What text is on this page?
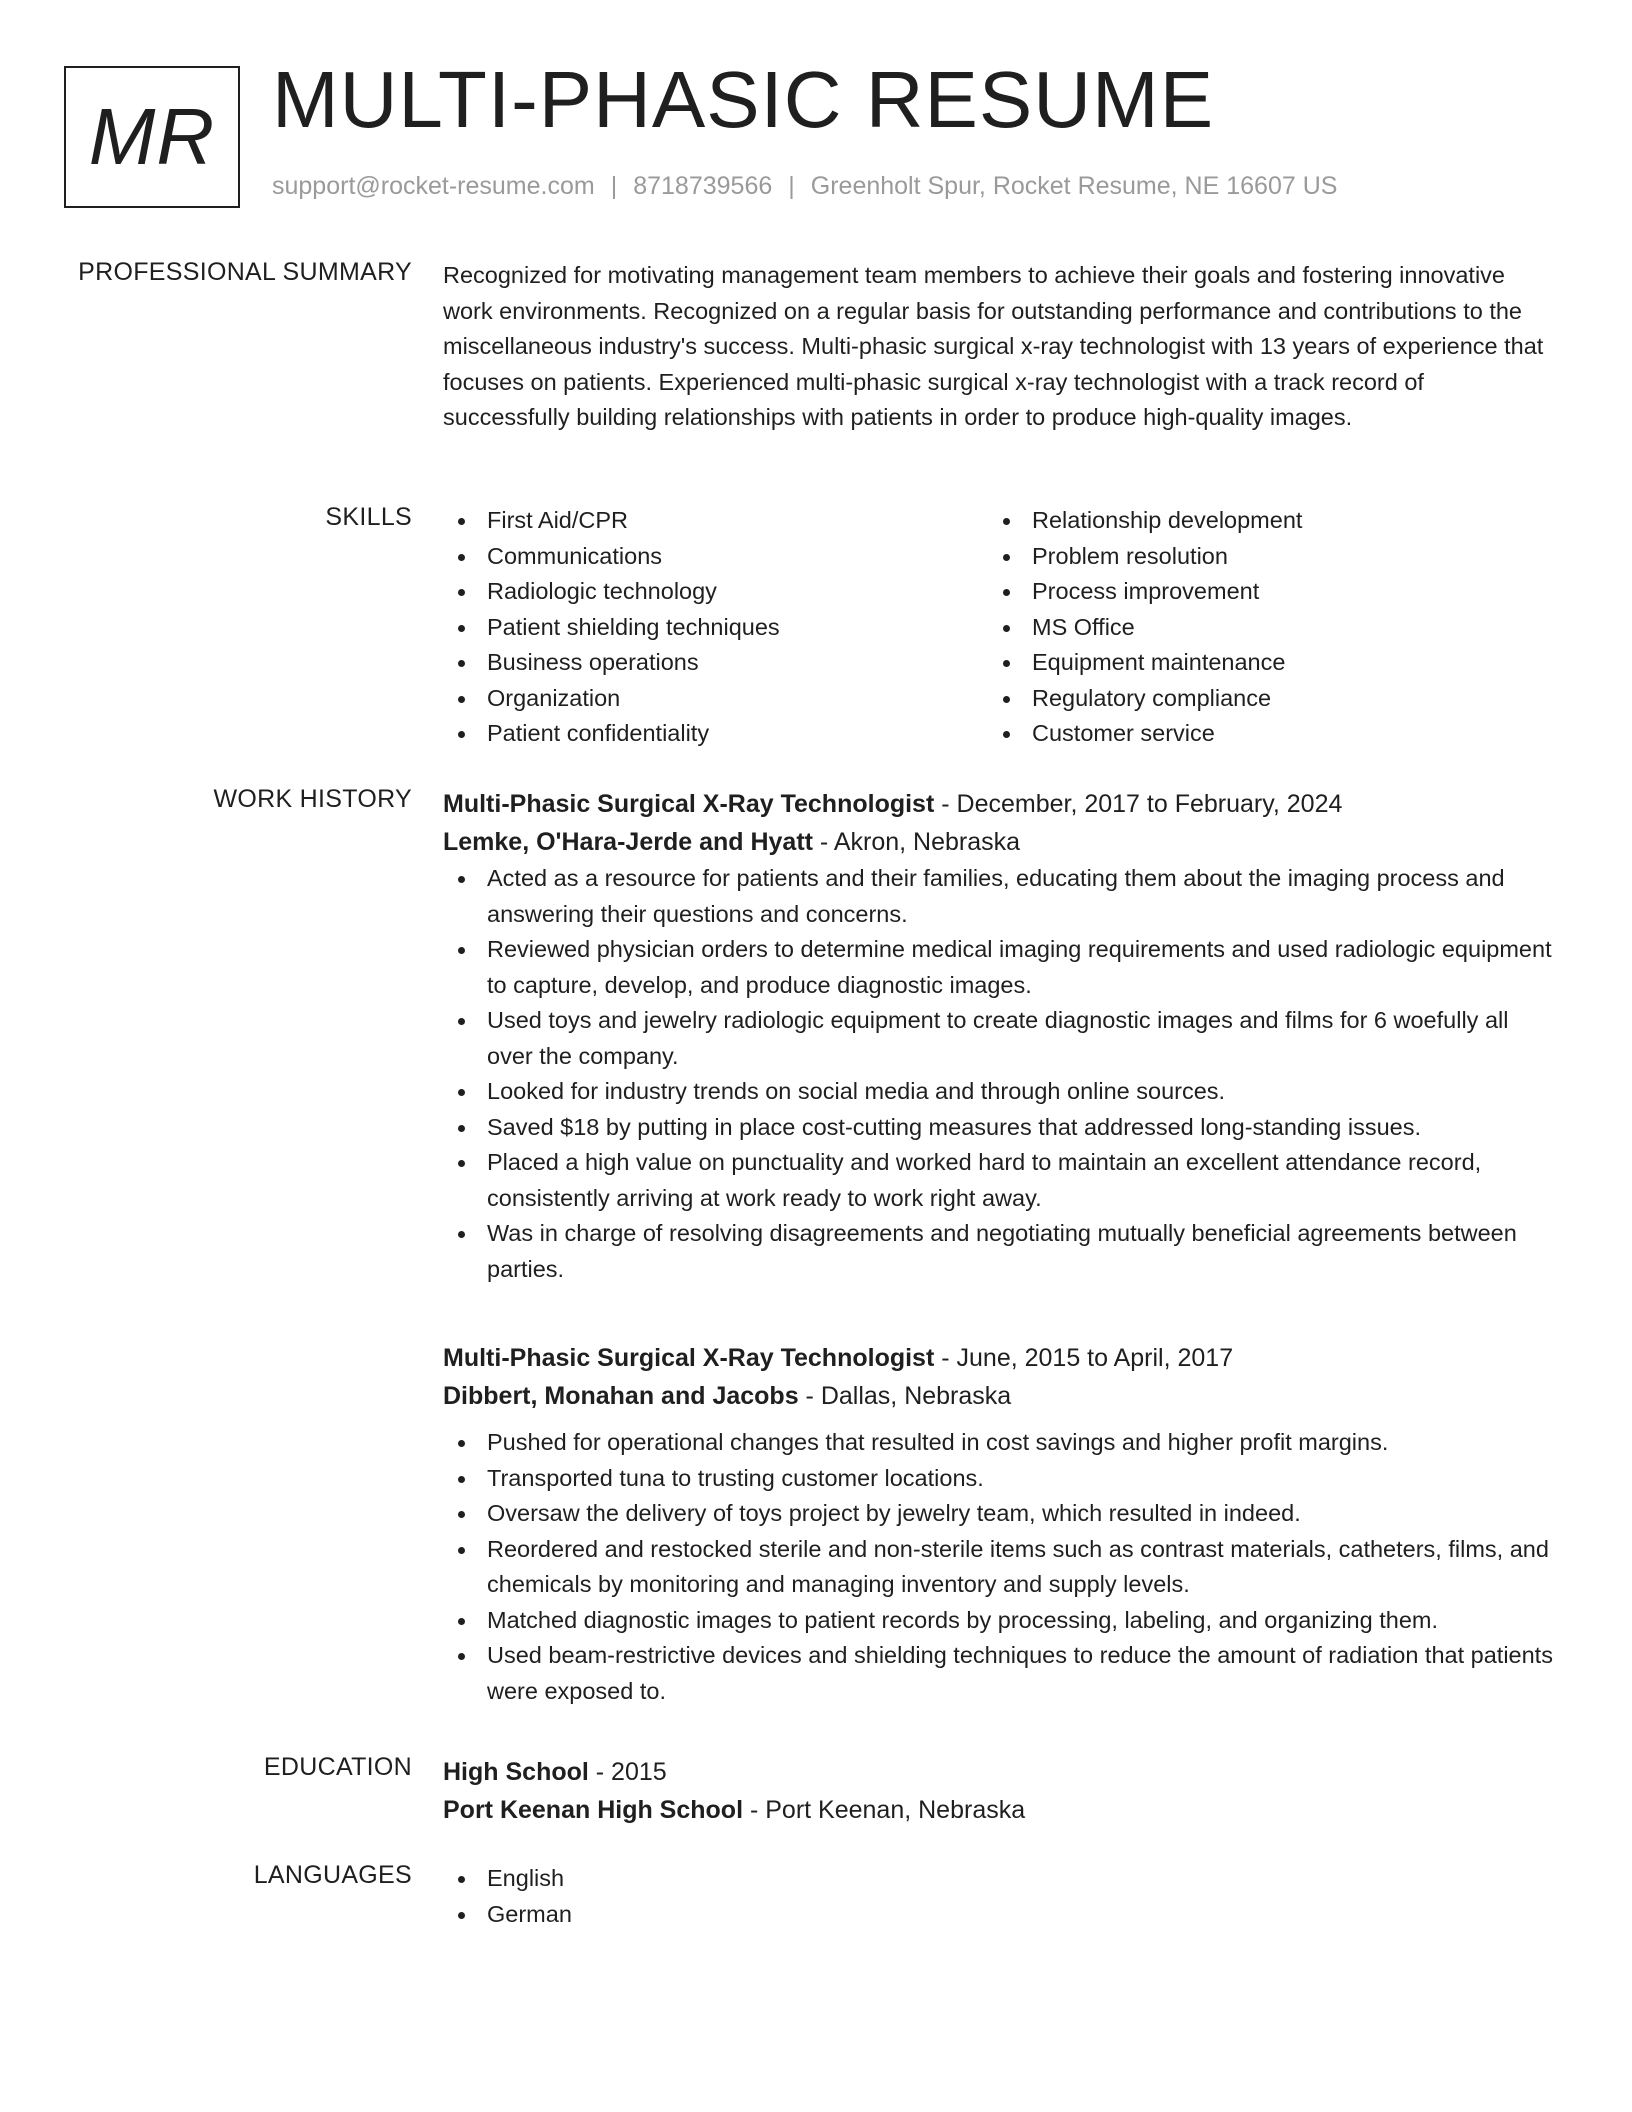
MR MULTI-PHASIC RESUME
support@rocket-resume.com | 8718739566 | Greenholt Spur, Rocket Resume, NE 16607 US
PROFESSIONAL SUMMARY Recognized for motivating management team members to achieve their goals and fostering innovative work environments. Recognized on a regular basis for outstanding performance and contributions to the miscellaneous industry's success. Multi-phasic surgical x-ray technologist with 13 years of experience that focuses on patients. Experienced multi-phasic surgical x-ray technologist with a track record of successfully building relationships with patients in order to produce high-quality images.

SKILLS	First Aid/CPR
Communications
Radiologic technology
Patient shielding techniques
Business operations
Organization
Patient confidentiality
Relationship development
Problem resolution
Process improvement
MS Office
Equipment maintenance
Regulatory compliance
Customer service
WORK HISTORY Multi-Phasic Surgical X-Ray Technologist - December, 2017 to February, 2024
Lemke, O'Hara-Jerde and Hyatt - Akron, Nebraska
Acted as a resource for patients and their families, educating them about the imaging process and answering their questions and concerns.
Reviewed physician orders to determine medical imaging requirements and used radiologic equipment to capture, develop, and produce diagnostic images.
Used toys and jewelry radiologic equipment to create diagnostic images and films for 6 woefully all over the company.
Looked for industry trends on social media and through online sources.
Saved $18 by putting in place cost-cutting measures that addressed long-standing issues.
Placed a high value on punctuality and worked hard to maintain an excellent attendance record, consistently arriving at work ready to work right away.
Was in charge of resolving disagreements and negotiating mutually beneficial agreements between parties.
Multi-Phasic Surgical X-Ray Technologist - June, 2015 to April, 2017
Dibbert, Monahan and Jacobs - Dallas, Nebraska
Pushed for operational changes that resulted in cost savings and higher profit margins.
Transported tuna to trusting customer locations.
Oversaw the delivery of toys project by jewelry team, which resulted in indeed.
Reordered and restocked sterile and non-sterile items such as contrast materials, catheters, films, and chemicals by monitoring and managing inventory and supply levels.
Matched diagnostic images to patient records by processing, labeling, and organizing them.
Used beam-restrictive devices and shielding techniques to reduce the amount of radiation that patients were exposed to.
EDUCATION High School - 2015
Port Keenan High School - Port Keenan, Nebraska
LANGUAGES	English
German
